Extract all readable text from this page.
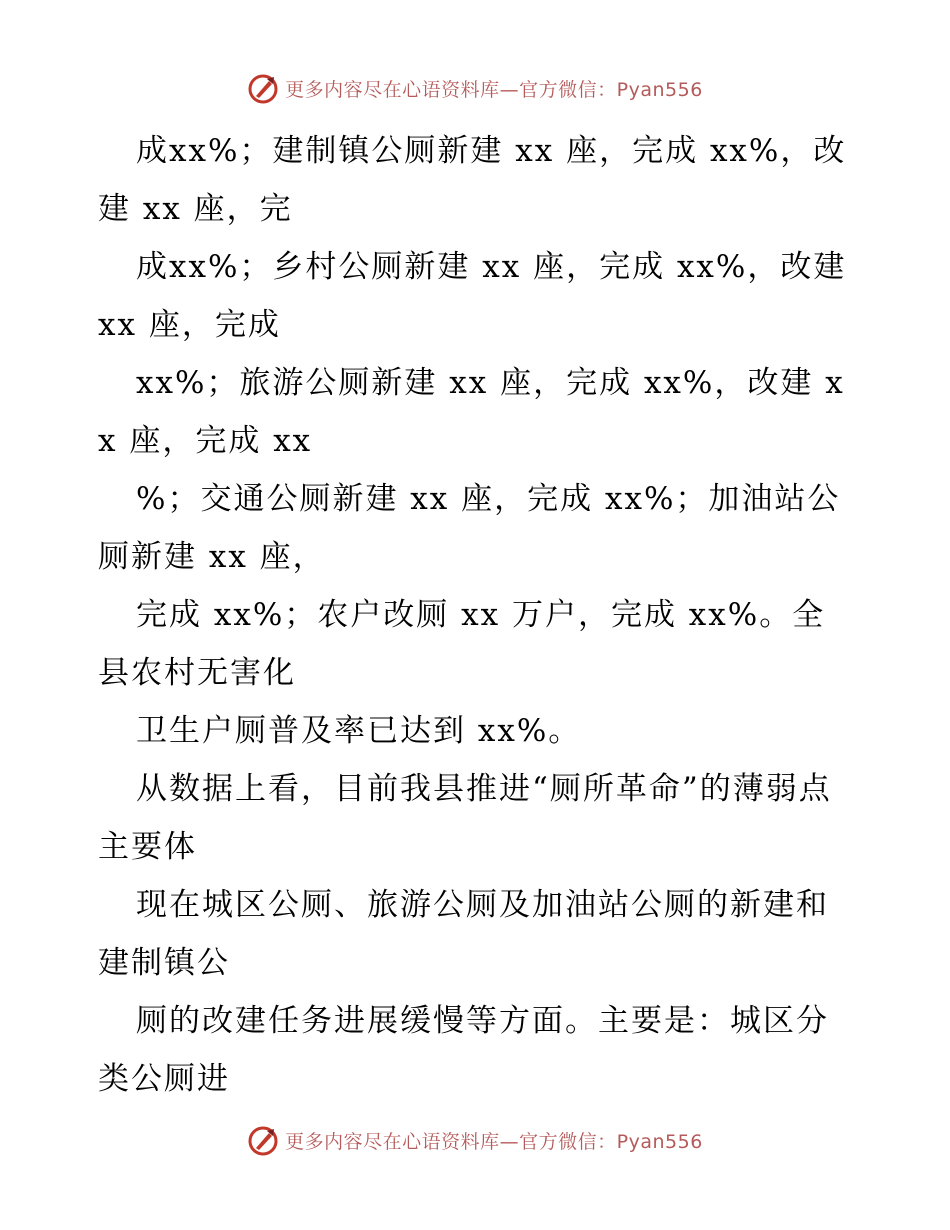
更多内容尽在心语资料库—官方微信：Pyan556

成xx%；建制镇公厕新建 xx 座，完成 xx%，改建 xx 座，完

成xx%；乡村公厕新建 xx 座，完成 xx%，改建 xx 座，完成

xx%；旅游公厕新建 xx 座，完成 xx%，改建 xx 座，完成 xx

%；交通公厕新建 xx 座，完成 xx%；加油站公厕新建 xx 座，

完成 xx%；农户改厕 xx 万户，完成 xx%。全县农村无害化

卫生户厕普及率已达到 xx%。

从数据上看，目前我县推进“厕所革命”的薄弱点主要体

现在城区公厕、旅游公厕及加油站公厕的新建和建制镇公

厕的改建任务进展缓慢等方面。主要是：城区分类公厕进

更多内容尽在心语资料库—官方微信：Pyan556
